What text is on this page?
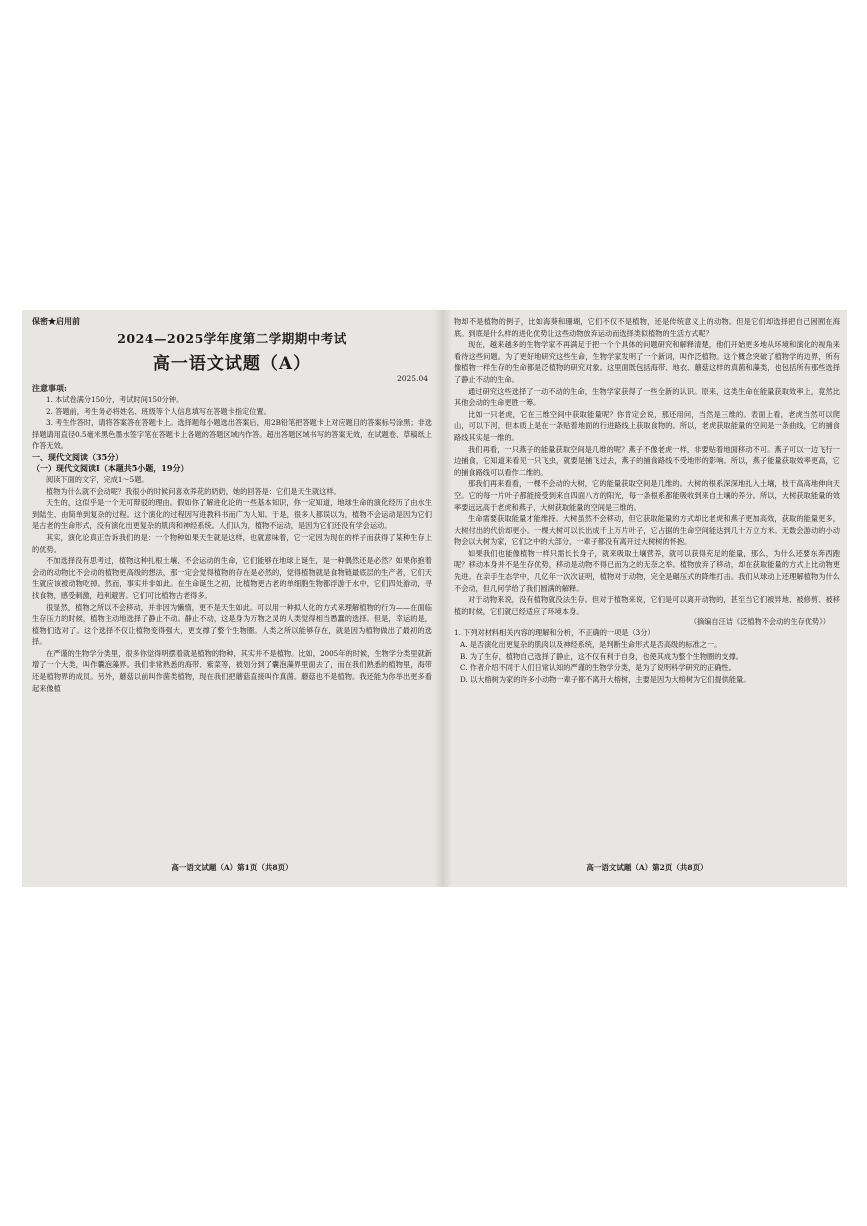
保密★启用前

2024—2025学年度第二学期期中考试

高一语文试题（A）

2025.04

注意事项:

1. 本试卷满分150分，考试时间150分钟。

2. 答题前，考生务必将姓名、班级等个人信息填写在答题卡指定位置。

3. 考生作答时，请将答案答在答题卡上。选择题每小题选出答案后，用2B铅笔把答题卡上对应题目的答案标号涂黑；非选择题请用直径0.5毫米黑色墨水签字笔在答题卡上各题的答题区域内作答。超出答题区域书写的答案无效，在试题卷、草稿纸上作答无效。

一、现代文阅读（35分）

（一）现代文阅读Ⅰ（本题共5小题，19分）

阅读下面的文字，完成1～5题。

植物为什么就不会动呢？我很小的时候问喜欢养花的奶奶，她的回答是：它们是天生就这样。

天生的，这似乎是一个无可辩驳的理由。假如你了解进化论的一些基本知识，你一定知道，地球生命的演化经历了由水生到陆生、由简单到复杂的过程。这个演化的过程因写进教科书而广为人知。于是，很多人都误以为，植物不会运动是因为它们是古老的生命形式，没有演化出更复杂的肌肉和神经系统。人们认为，植物不运动，是因为它们还没有学会运动。

其实，演化论真正告诉我们的是：一个物种如果天生就是这样，也就意味着，它一定因为现在的样子而获得了某种生存上的优势。

不加选择没有思考过，植物这种扎根土壤、不会运动的生命，它们能够在地球上诞生，是一种偶然还是必然？如果你抱着会动的动物比不会动的植物更高级的想法，那一定会觉得植物的存在是必然的，觉得植物就是食物链最底层的生产者，它们天生就应该被动物吃掉。然而，事实并非如此。在生命诞生之初，比植物更古老的单细胞生物都浮游于水中，它们四处游动，寻找食物，感受刺激，趋利避害。它们可比植物古老得多。

很显然，植物之所以不会移动，并非因为懒惰，更不是天生如此。可以用一种拟人化的方式来理解植物的行为——在面临生存压力的时候，植物主动地选择了静止不动。静止不动，这是身为万物之灵的人类觉得相当愚蠢的选择。但是，幸运的是，植物们选对了。这个选择不仅让植物变得强大，更支撑了整个生物圈。人类之所以能够存在，就是因为植物做出了最初的选择。

在严谨的生物学分类里，很多你觉得明摆着就是植物的物种，其实并不是植物。比如，2005年的时候，生物学分类里就新增了一个大类，叫作囊泡藻界。我们非常熟悉的海带、紫菜等，被划分到了囊泡藻界里面去了，而在我们熟悉的植物里，海带还是植物界的成员。另外，蘑菇以前叫作菌类植物，现在我们把蘑菇直接叫作真菌。蘑菇也不是植物。我还能为你举出更多看起来像植

高一语文试题（A）第1页（共8页）

物却不是植物的例子，比如海葵和珊瑚，它们不仅不是植物，还是传统意义上的动物。但是它们却选择把自己困囿在海底。到底是什么样的进化优势让这些动物放弃运动而选择类似植物的生活方式呢？

现在，越来越多的生物学家不再满足于把一个个具体的问题研究和解释清楚，他们开始更多地从环境和演化的视角来看待这些问题。为了更好地研究这些生命，生物学家发明了一个新词，叫作泛植物。这个概念突破了植物学的边界，所有像植物一样生存的生命都是泛植物的研究对象。这里面既包括海带、地衣、蘑菇这样的真菌和藻类，也包括所有那些选择了静止不动的生命。

通过研究这些选择了一动不动的生命，生物学家获得了一些全新的认识。原来，这类生命在能量获取效率上，竟然比其他会动的生命更胜一筹。

比如一只老虎，它在三维空间中获取能量呢？你肯定会说，那还用问，当然是三维的。表面上看，老虎当然可以爬山，可以下河，但本质上是在一条贴着地面的行进路线上获取食物的。所以，老虎获取能量的空间是一条曲线，它的捕食路线其实是一维的。

我们再看，一只燕子的能量获取空间是几维的呢？燕子不像老虎一样，非要贴着地面移动不可。燕子可以一边飞行一边捕食，它知道来看见一只飞虫，就要是捕飞过去，燕子的捕食路线不受地形的影响。所以，燕子能量获取效率更高，它的捕食路线可以看作二维的。

那我们再来看看，一棵不会动的大树，它的能量获取空间是几维的。大树的根系深深地扎入土壤，枝干高高地伸向天空。它的每一片叶子都能接受到来自四面八方的阳光，每一条根系都能吸收到来自土壤的养分。所以，大树获取能量的效率要远远高于老虎和燕子，大树获取能量的空间是三维的。

生命需要获取能量才能维持。大树虽然不会移动，但它获取能量的方式却比老虎和燕子更加高效，获取的能量更多，大树付出的代价却更小。一棵大树可以长出成千上万片叶子，它占据的生命空间能达到几十万立方米。无数会游动的小动物会以大树为家，它们之中的大部分，一辈子都没有离开过大树树的怀抱。

如果我们也能像植物一样只需长长身子，就来吸取土壤营养，就可以获得充足的能量，那么，为什么还要东奔西跑呢？移动本身并不是生存优势，移动是动物不得已而为之的无奈之举。植物放弃了移动，却在获取能量的方式上比动物更先进。在亲手生态学中，几亿年一次次证明，植物对于动物，完全是碾压式的降维打击。我们从球动上还理解植物为什么不会动，但几何学给了我们圆满的解释。

对于动物来说，没有植物就没法生存。但对于植物来说，它们是可以离开动物的，甚至当它们被异地、被修剪、被移植的时候，它们就已经适应了环境本身。

（摘编自汪诘《泛植物不会动的生存优势》）

1. 下列对材料相关内容的理解和分析，不正确的一项是（3分）

A. 是否演化出更复杂的肌肉以及神经系统，是判断生命形式是否高级的标准之一。

B. 为了生存，植物自己选择了静止，这不仅有利于自身，也使其成为整个生物圈的支撑。

C. 作者介绍不同于人们日常认知的严谨的生物学分类，是为了说明科学研究的正确性。

D. 以大榕树为家的许多小动物一辈子都不离开大榕树，主要是因为大榕树为它们提供能量。

高一语文试题（A）第2页（共8页）
